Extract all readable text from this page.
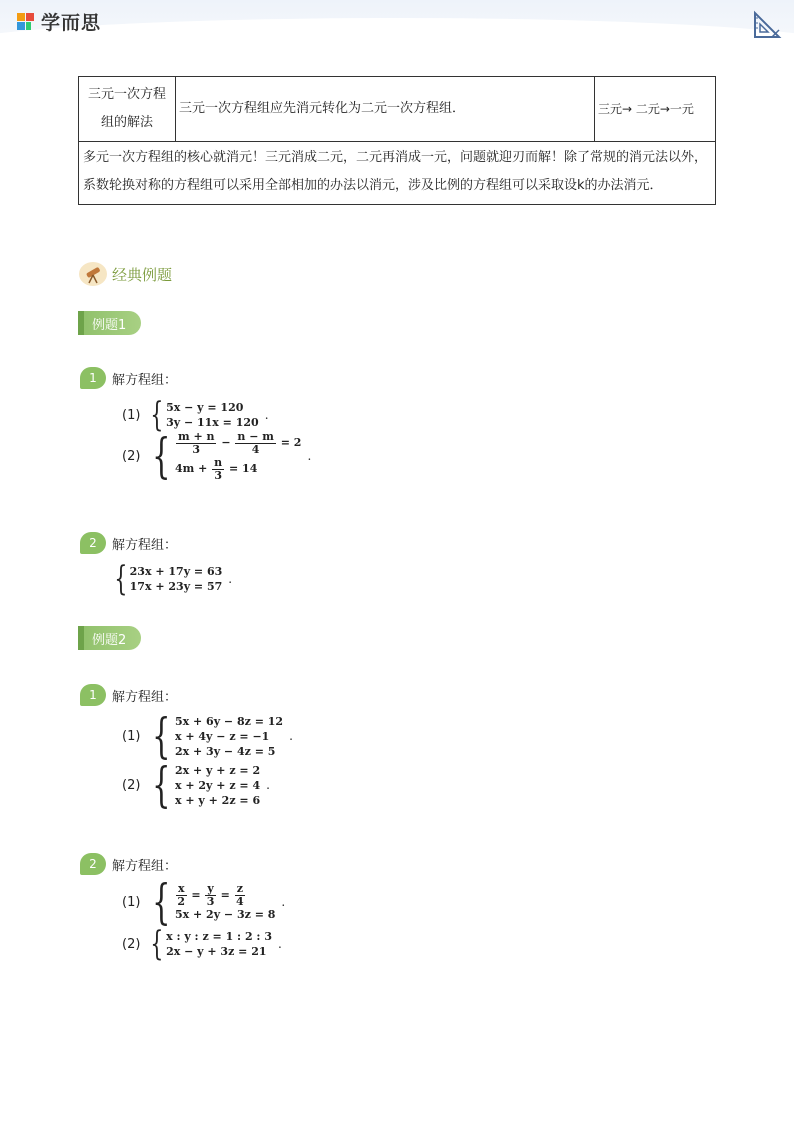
学而思
三元一次方程组的解法	三元一次方程组应先消元转化为二元一次方程组．	三元→ 二元→一元
多元一次方程组的核心就消元！三元消成二元，二元再消成一元，问题就迎刃而解！除了常规的消元法以外，系数轮换对称的方程组可以采用全部相加的办法以消元，涉及比例的方程组可以采取设k的办法消元．
经典例题
例题1
1	解方程组：
(1) { 5x − y = 120
3y − 11x = 120
.
(2) { $\frac{m + n}{3} - \frac{n - m}{4} = 2$
$4m + \frac{n}{3} = 14$
.
2	解方程组：
{ 23x + 17y = 63
17x + 23y = 57
.
例题2
1	解方程组：
(1) { 5x + 6y − 8z = 12
x + 4y − z = −1
2x + 3y − 4z = 5
.
(2) { 2x + y + z = 2
x + 2y + z = 4
x + y + 2z = 6
.
2	解方程组：
(1) { $\frac{x}{2} = \frac{y}{3} = \frac{z}{4}$
5x + 2y − 3z = 8
.
(2) { x : y : z = 1 : 2 : 3
2x − y + 3z = 21
.
